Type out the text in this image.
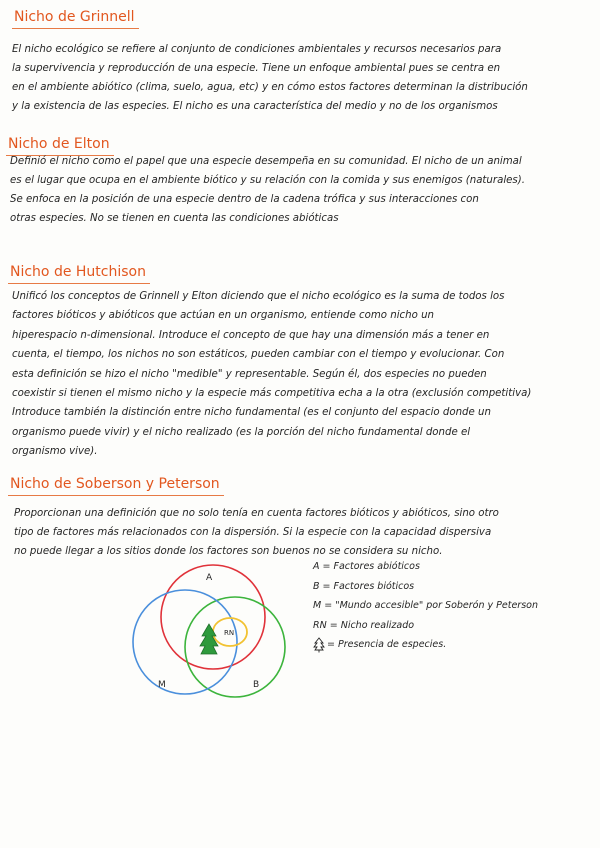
Nicho de Grinnell
El nicho ecológico se refiere al conjunto de condiciones ambientales y recursos necesarios para
la supervivencia y reproducción de una especie. Tiene un enfoque ambiental pues se centra en
en el ambiente abiótico (clima, suelo, agua, etc) y en cómo estos factores determinan la distribución
y la existencia de las especies. El nicho es una característica del medio y no de los organismos
Nicho de Elton
Definió el nicho como el papel que una especie desempeña en su comunidad. El nicho de un animal
es el lugar que ocupa en el ambiente biótico y su relación con la comida y sus enemigos (naturales).
Se enfoca en la posición de una especie dentro de la cadena trófica y sus interacciones con
otras especies. No se tienen en cuenta las condiciones abióticas
Nicho de Hutchison
Unificó los conceptos de Grinnell y Elton diciendo que el nicho ecológico es la suma de todos los
factores bióticos y abióticos que actúan en un organismo, entiende como nicho un
hiperespacio n-dimensional. Introduce el concepto de que hay una dimensión más a tener en
cuenta, el tiempo, los nichos no son estáticos, pueden cambiar con el tiempo y evolucionar. Con
esta definición se hizo el nicho "medible" y representable. Según él, dos especies no pueden
coexistir si tienen el mismo nicho y la especie más competitiva echa a la otra (exclusión competitiva)
Introduce también la distinción entre nicho fundamental (es el conjunto del espacio donde un
organismo puede vivir) y el nicho realizado (es la porción del nicho fundamental donde el
organismo vive).
Nicho de Soberson y Peterson
Proporcionan una definición que no solo tenía en cuenta factores bióticos y abióticos, sino otro
tipo de factores más relacionados con la dispersión. Si la especie con la capacidad dispersiva
no puede llegar a los sitios donde los factores son buenos no se considera su nicho.
A
B
M
RN
A = Factores abióticos
B = Factores bióticos
M = "Mundo accesible" por Soberón y Peterson
RN = Nicho realizado
= Presencia de especies.
